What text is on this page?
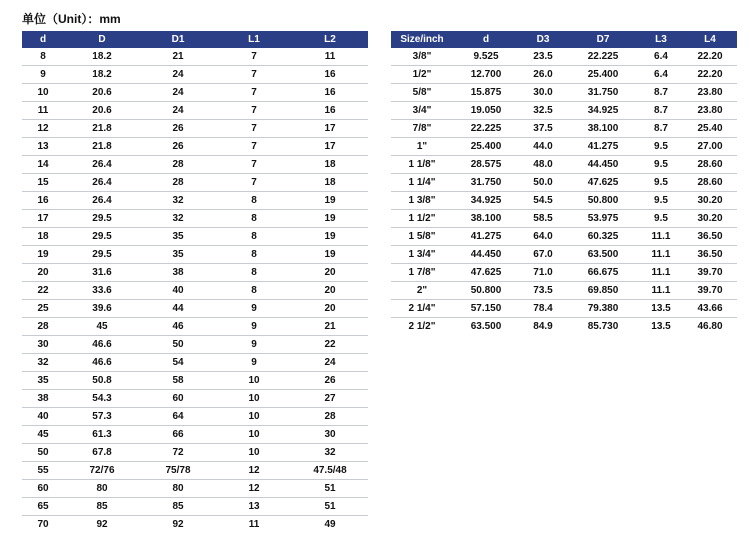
单位（Unit）：mm
d	D	D1	L1	L2
8	18.2	21	7	11
9	18.2	24	7	16
10	20.6	24	7	16
11	20.6	24	7	16
12	21.8	26	7	17
13	21.8	26	7	17
14	26.4	28	7	18
15	26.4	28	7	18
16	26.4	32	8	19
17	29.5	32	8	19
18	29.5	35	8	19
19	29.5	35	8	19
20	31.6	38	8	20
22	33.6	40	8	20
25	39.6	44	9	20
28	45	46	9	21
30	46.6	50	9	22
32	46.6	54	9	24
35	50.8	58	10	26
38	54.3	60	10	27
40	57.3	64	10	28
45	61.3	66	10	30
50	67.8	72	10	32
55	72/76	75/78	12	47.5/48
60	80	80	12	51
65	85	85	13	51
70	92	92	11	49
Size/inch	d	D3	D7	L3	L4
3/8"	9.525	23.5	22.225	6.4	22.20
1/2"	12.700	26.0	25.400	6.4	22.20
5/8"	15.875	30.0	31.750	8.7	23.80
3/4"	19.050	32.5	34.925	8.7	23.80
7/8"	22.225	37.5	38.100	8.7	25.40
1"	25.400	44.0	41.275	9.5	27.00
1 1/8"	28.575	48.0	44.450	9.5	28.60
1 1/4"	31.750	50.0	47.625	9.5	28.60
1 3/8"	34.925	54.5	50.800	9.5	30.20
1 1/2"	38.100	58.5	53.975	9.5	30.20
1 5/8"	41.275	64.0	60.325	11.1	36.50
1 3/4"	44.450	67.0	63.500	11.1	36.50
1 7/8"	47.625	71.0	66.675	11.1	39.70
2"	50.800	73.5	69.850	11.1	39.70
2 1/4"	57.150	78.4	79.380	13.5	43.66
2 1/2"	63.500	84.9	85.730	13.5	46.80
